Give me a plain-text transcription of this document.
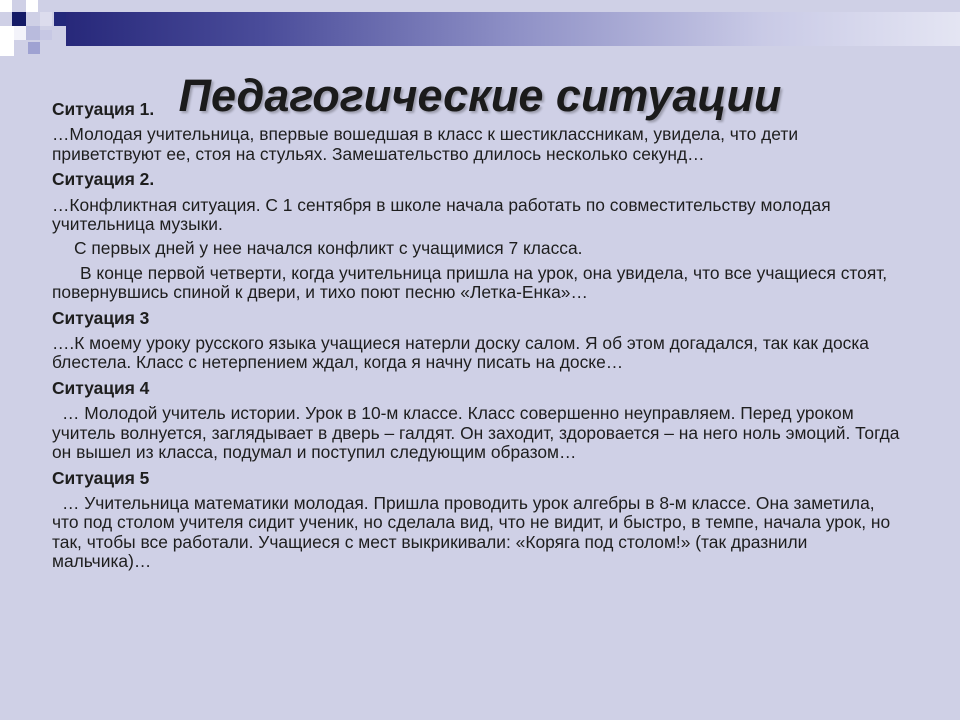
Педагогические ситуации
Ситуация 1.
…Молодая учительница, впервые вошедшая в класс к шестиклассникам, увидела, что дети приветствуют ее, стоя на стульях. Замешательство длилось несколько секунд…
Ситуация 2.
…Конфликтная ситуация. С 1 сентября в школе начала работать по совместительству молодая учительница музыки.
С первых дней у нее начался конфликт с учащимися 7 класса.
В конце первой четверти, когда учительница пришла на урок, она увидела, что все учащиеся стоят, повернувшись спиной к двери, и тихо поют песню «Летка-Енка»…
Ситуация 3
….К моему уроку русского языка учащиеся натерли доску салом. Я об этом догадался, так как доска блестела. Класс с нетерпением ждал, когда я начну писать на доске…
Ситуация 4
… Молодой учитель истории. Урок в 10-м классе. Класс совершенно неуправляем. Перед уроком учитель волнуется, заглядывает в дверь – галдят. Он заходит, здоровается – на него ноль эмоций. Тогда он вышел из класса, подумал и поступил следующим образом…
Ситуация 5
… Учительница математики молодая. Пришла проводить урок алгебры в 8-м классе. Она заметила, что под столом учителя сидит ученик, но сделала вид, что не видит, и быстро, в темпе, начала урок, но так, чтобы все работали. Учащиеся с мест выкрикивали: «Коряга под столом!» (так дразнили мальчика)…
